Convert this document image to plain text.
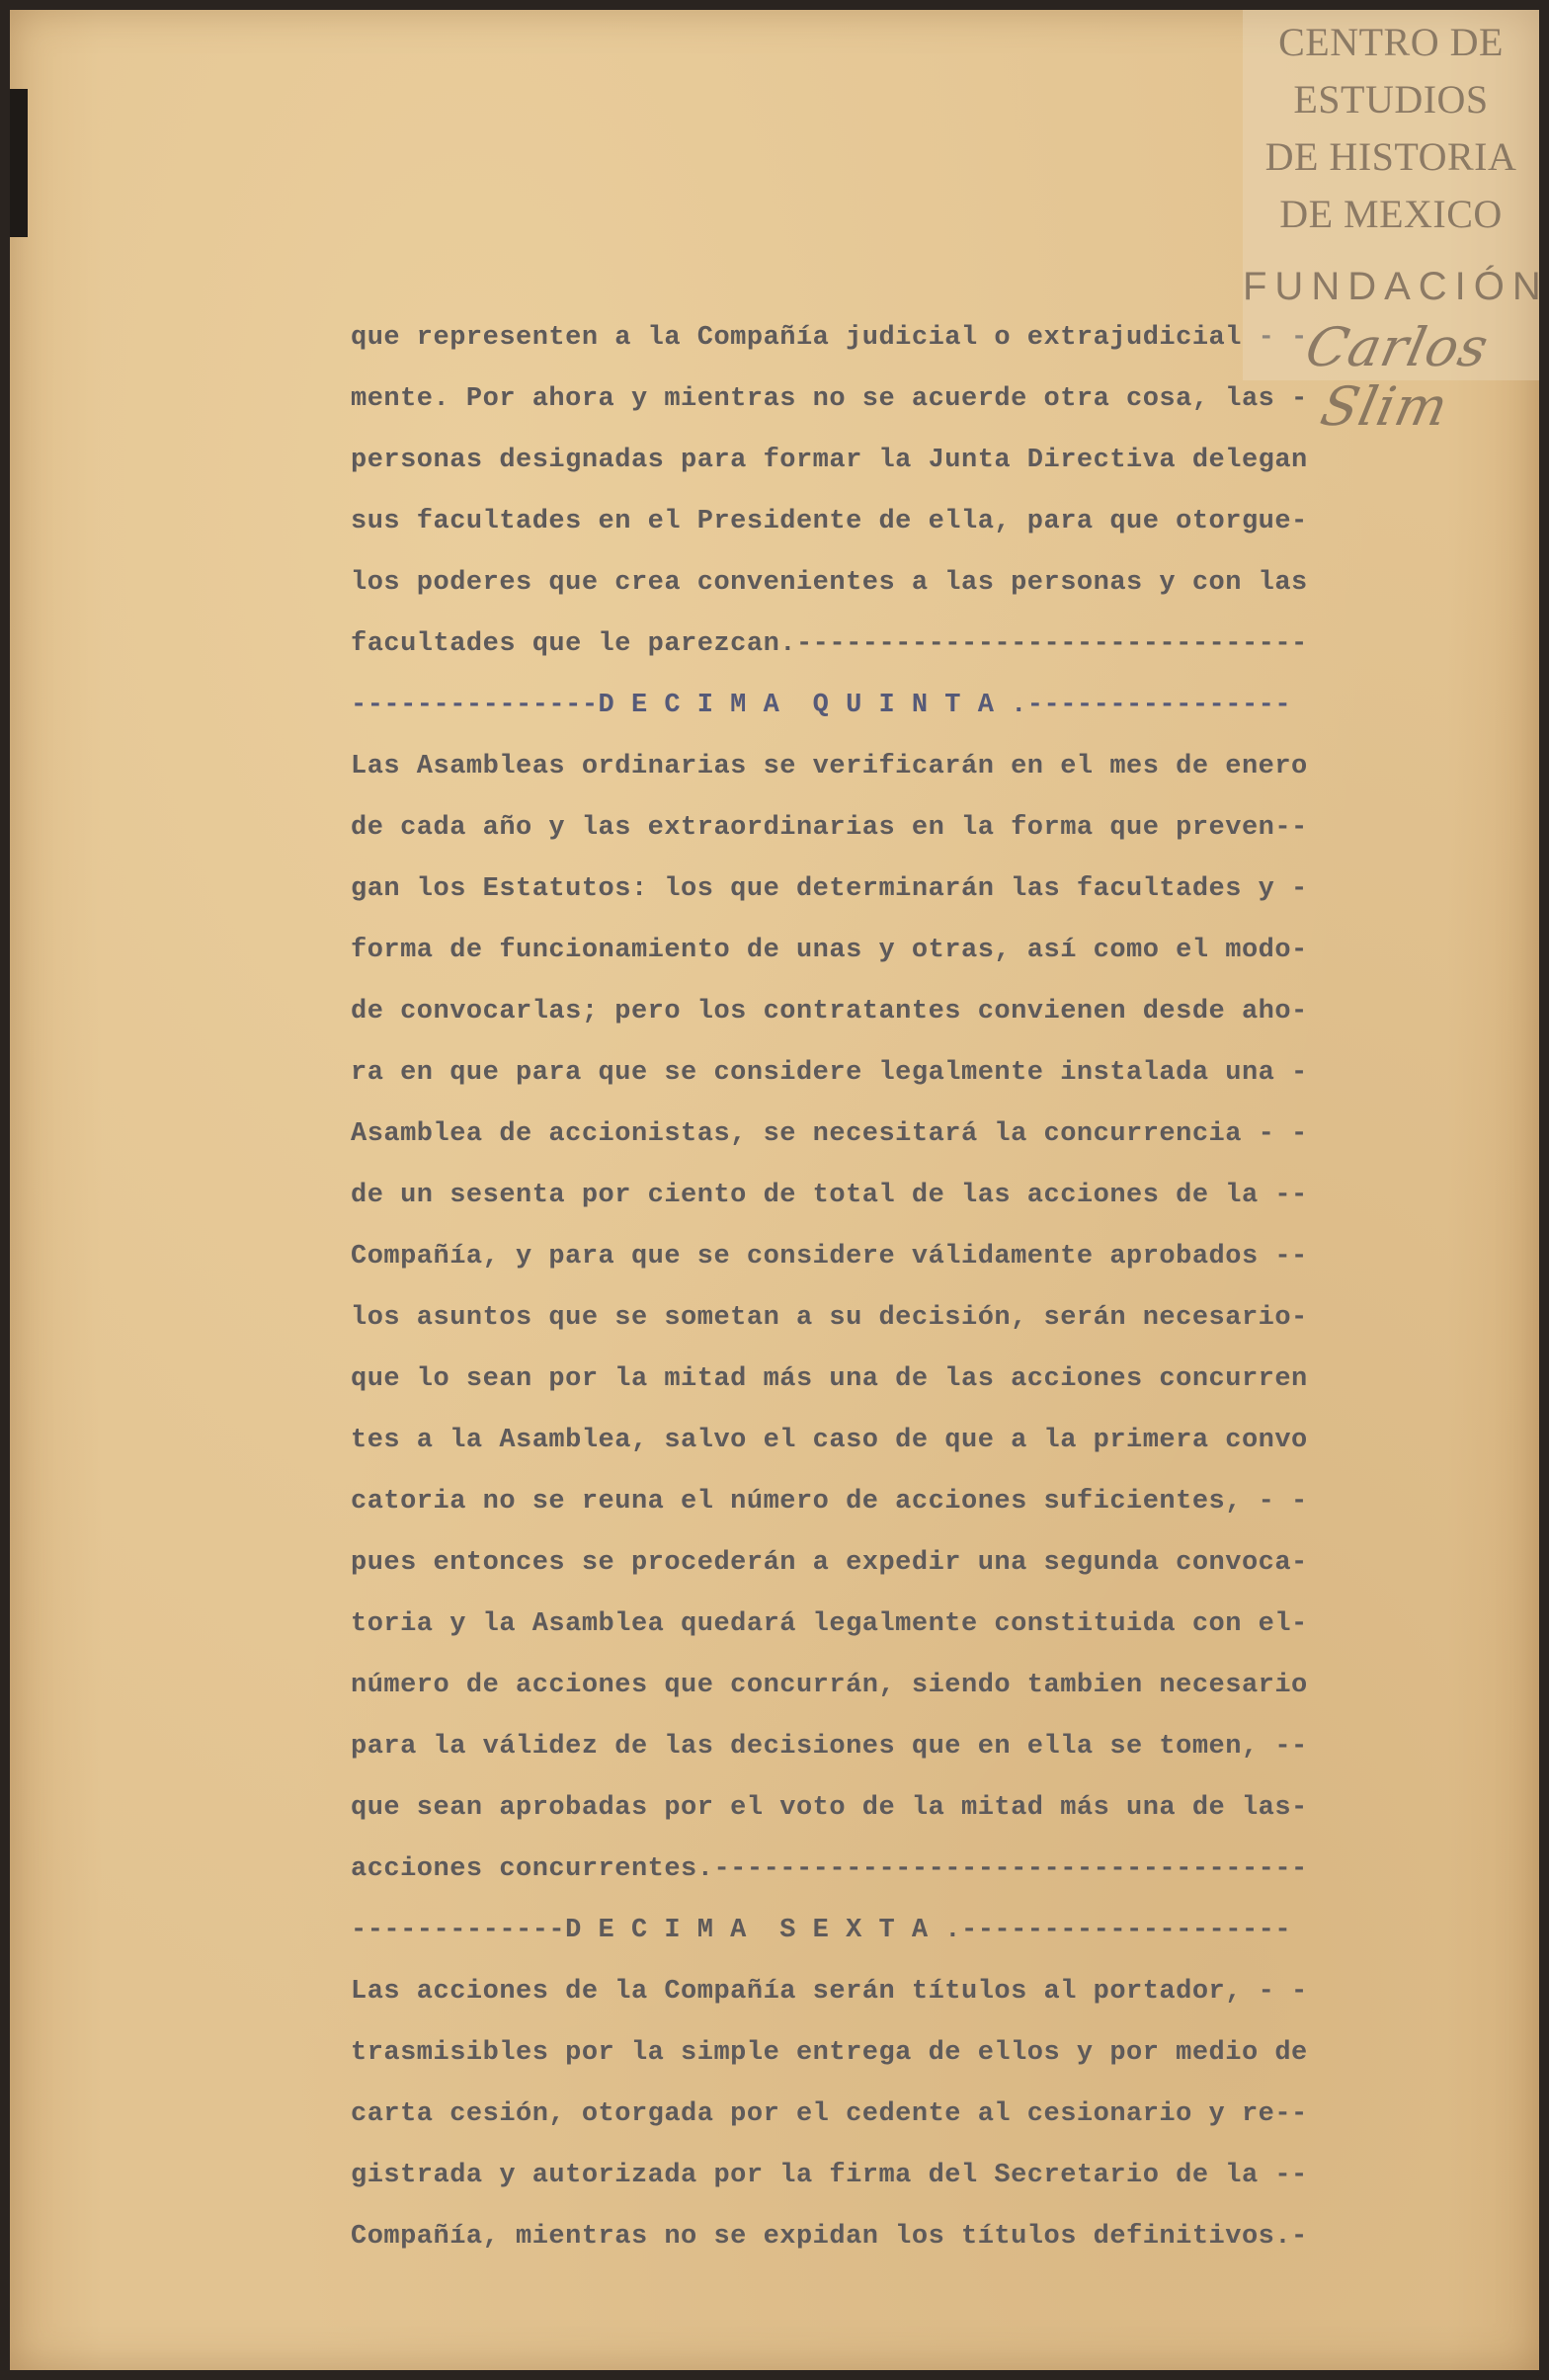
que representen a la Compañía judicial o extrajudicial - -
mente. Por ahora y mientras no se acuerde otra cosa, las -
personas designadas para formar la Junta Directiva delegan
sus facultades en el Presidente de ella, para que otorgue-
los poderes que crea convenientes a las personas y con las
facultades que le parezcan.-------------------------------
---------------D E C I M A  Q U I N T A .----------------
Las Asambleas ordinarias se verificarán en el mes de enero
de cada año y las extraordinarias en la forma que preven--
gan los Estatutos: los que determinarán las facultades y -
forma de funcionamiento de unas y otras, así como el modo-
de convocarlas; pero los contratantes convienen desde aho-
ra en que para que se considere legalmente instalada una -
Asamblea de accionistas, se necesitará la concurrencia - -
de un sesenta por ciento de total de las acciones de la --
Compañía, y para que se considere válidamente aprobados --
los asuntos que se sometan a su decisión, serán necesario-
que lo sean por la mitad más una de las acciones concurren
tes a la Asamblea, salvo el caso de que a la primera convo
catoria no se reuna el número de acciones suficientes, - -
pues entonces se procederán a expedir una segunda convoca-
toria y la Asamblea quedará legalmente constituida con el-
número de acciones que concurrán, siendo tambien necesario
para la válidez de las decisiones que en ella se tomen, --
que sean aprobadas por el voto de la mitad más una de las-
acciones concurrentes.------------------------------------
-------------D E C I M A  S E X T A .--------------------
Las acciones de la Compañía serán títulos al portador, - -
trasmisibles por la simple entrega de ellos y por medio de
carta cesión, otorgada por el cedente al cesionario y re--
gistrada y autorizada por la firma del Secretario de la --
Compañía, mientras no se expidan los títulos definitivos.-
CENTRO DE
ESTUDIOS
DE HISTORIA
DE MEXICO
FUNDACIÓN
Carlos Slim
